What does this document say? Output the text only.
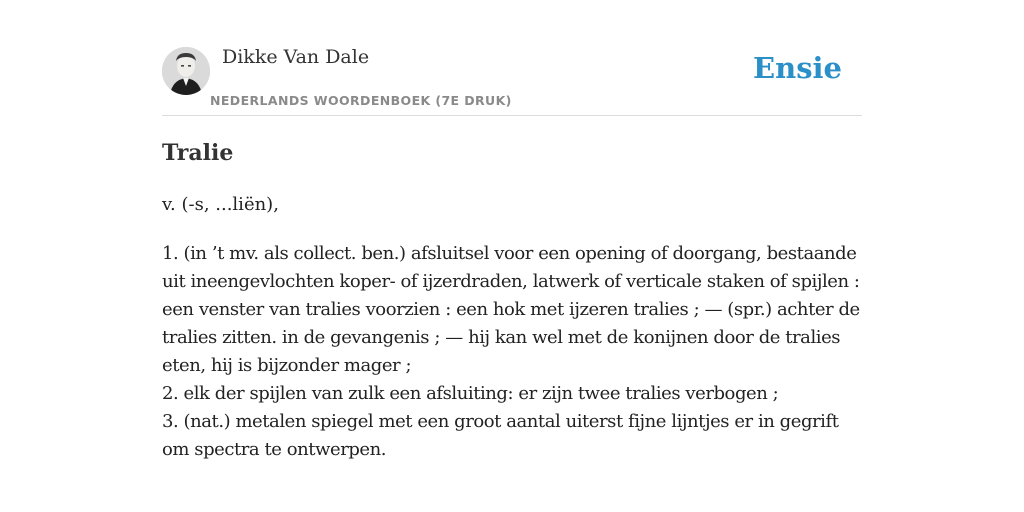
Dikke Van Dale
NEDERLANDS WOORDENBOEK (7E DRUK)
Ensie
Tralie

v. (-s, ...liën),

1. (in ’t mv. als collect. ben.) afsluitsel voor een opening of doorgang, bestaande uit ineengevlochten koper- of ijzerdraden, latwerk of verticale staken of spijlen : een venster van tralies voorzien : een hok met ijzeren tralies ; — (spr.) achter de tralies zitten. in de gevangenis ; — hij kan wel met de konijnen door de tralies eten, hij is bijzonder mager ;
2. elk der spijlen van zulk een afsluiting: er zijn twee tralies verbogen ;
3. (nat.) metalen spiegel met een groot aantal uiterst fijne lijntjes er in gegrift om spectra te ontwerpen.
